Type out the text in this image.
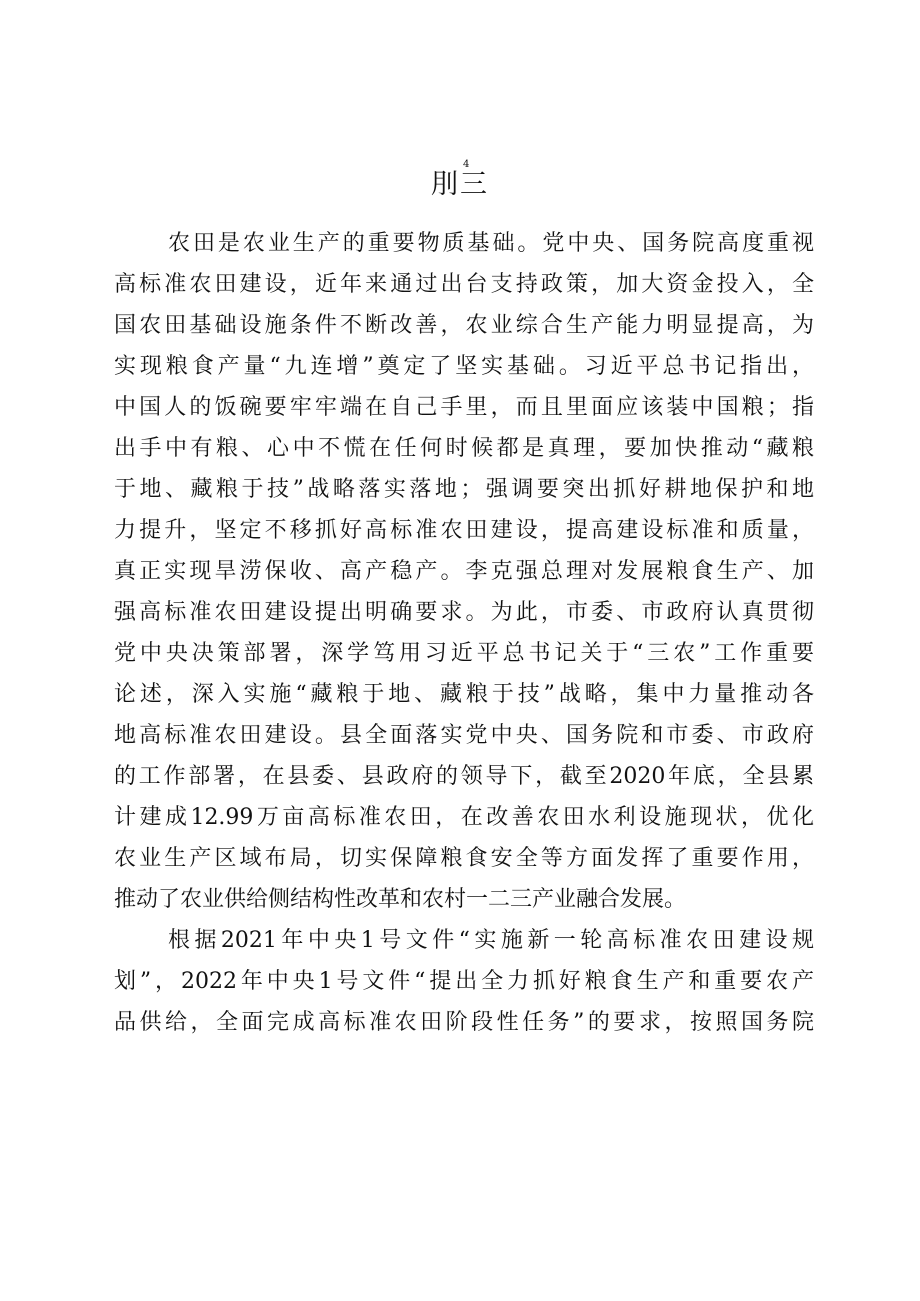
刖三
4
农田是农业生产的重要物质基础。党中央、国务院高度重视
高标准农田建设，近年来通过出台支持政策，加大资金投入，全
国农田基础设施条件不断改善，农业综合生产能力明显提高，为
实现粮食产量“九连增”奠定了坚实基础。习近平总书记指出，
中国人的饭碗要牢牢端在自己手里，而且里面应该装中国粮；指
出手中有粮、心中不慌在任何时候都是真理，要加快推动“藏粮
于地、藏粮于技”战略落实落地；强调要突出抓好耕地保护和地
力提升，坚定不移抓好高标准农田建设，提高建设标准和质量，
真正实现旱涝保收、高产稳产。李克强总理对发展粮食生产、加
强高标准农田建设提出明确要求。为此，市委、市政府认真贯彻
党中央决策部署，深学笃用习近平总书记关于“三农”工作重要
论述，深入实施“藏粮于地、藏粮于技”战略，集中力量推动各
地高标准农田建设。县全面落实党中央、国务院和市委、市政府
的工作部署，在县委、县政府的领导下，截至2020年底，全县累
计建成12.99万亩高标准农田，在改善农田水利设施现状，优化
农业生产区域布局，切实保障粮食安全等方面发挥了重要作用，
推动了农业供给侧结构性改革和农村一二三产业融合发展。
根据2021年中央1号文件“实施新一轮高标准农田建设规
划”，2022年中央1号文件“提出全力抓好粮食生产和重要农产
品供给，全面完成高标准农田阶段性任务”的要求，按照国务院
